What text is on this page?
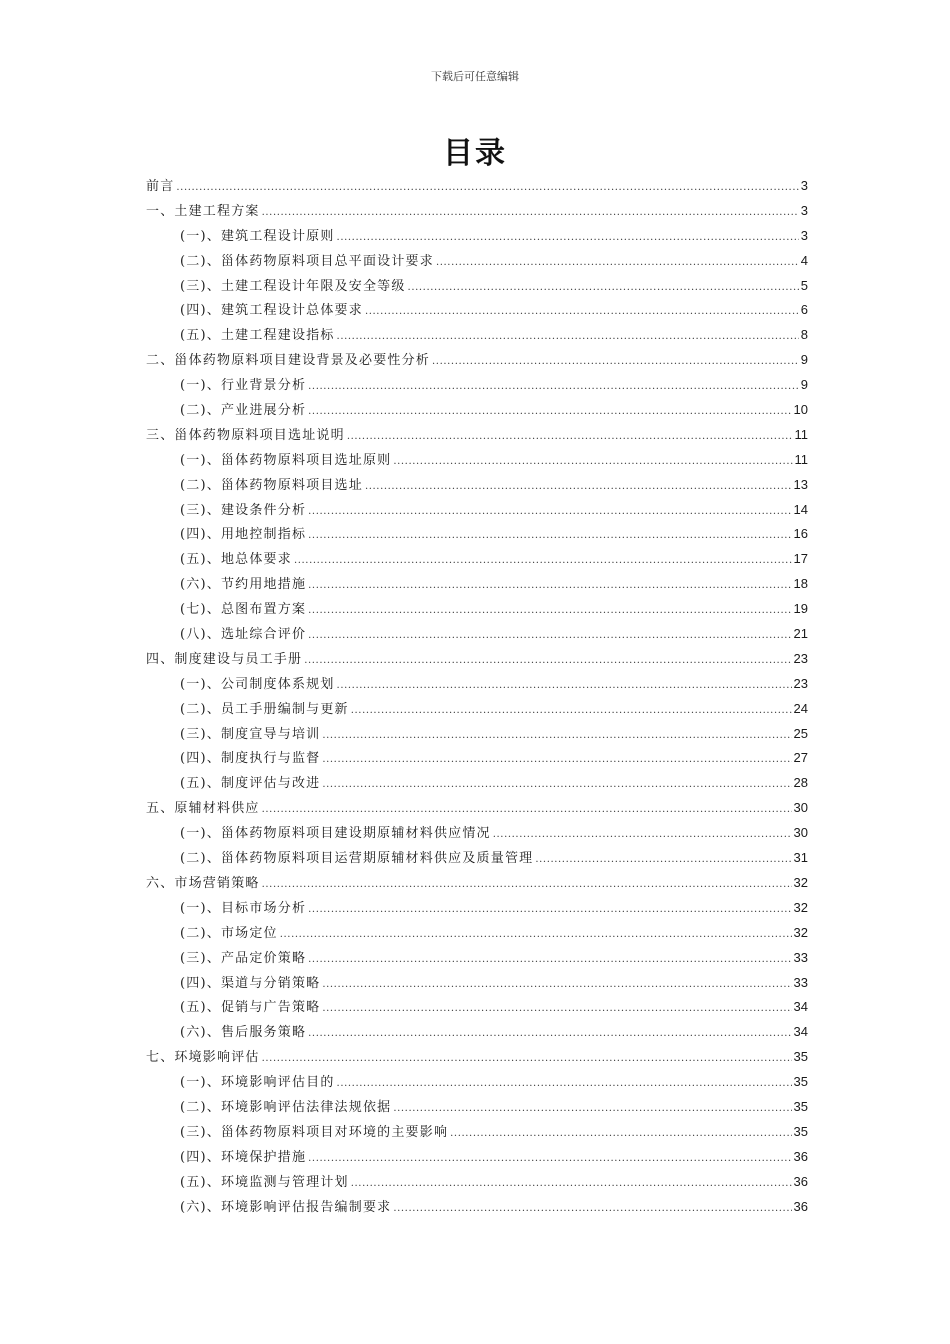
下载后可任意编辑
目录
前言 .....	3
一、土建工程方案 .....	3
(一)、建筑工程设计原则 .....	3
(二)、甾体药物原料项目总平面设计要求 .....	4
(三)、土建工程设计年限及安全等级 .....	5
(四)、建筑工程设计总体要求 .....	6
(五)、土建工程建设指标 .....	8
二、甾体药物原料项目建设背景及必要性分析 .....	9
(一)、行业背景分析 .....	9
(二)、产业进展分析 .....	10
三、甾体药物原料项目选址说明 .....	11
(一)、甾体药物原料项目选址原则 .....	11
(二)、甾体药物原料项目选址 .....	13
(三)、建设条件分析 .....	14
(四)、用地控制指标 .....	16
(五)、地总体要求 .....	17
(六)、节约用地措施 .....	18
(七)、总图布置方案 .....	19
(八)、选址综合评价 .....	21
四、制度建设与员工手册 .....	23
(一)、公司制度体系规划 .....	23
(二)、员工手册编制与更新 .....	24
(三)、制度宣导与培训 .....	25
(四)、制度执行与监督 .....	27
(五)、制度评估与改进 .....	28
五、原辅材料供应 .....	30
(一)、甾体药物原料项目建设期原辅材料供应情况 .....	30
(二)、甾体药物原料项目运营期原辅材料供应及质量管理 .....	31
六、市场营销策略 .....	32
(一)、目标市场分析 .....	32
(二)、市场定位 .....	32
(三)、产品定价策略 .....	33
(四)、渠道与分销策略 .....	33
(五)、促销与广告策略 .....	34
(六)、售后服务策略 .....	34
七、环境影响评估 .....	35
(一)、环境影响评估目的 .....	35
(二)、环境影响评估法律法规依据 .....	35
(三)、甾体药物原料项目对环境的主要影响 .....	35
(四)、环境保护措施 .....	36
(五)、环境监测与管理计划 .....	36
(六)、环境影响评估报告编制要求 .....	36
